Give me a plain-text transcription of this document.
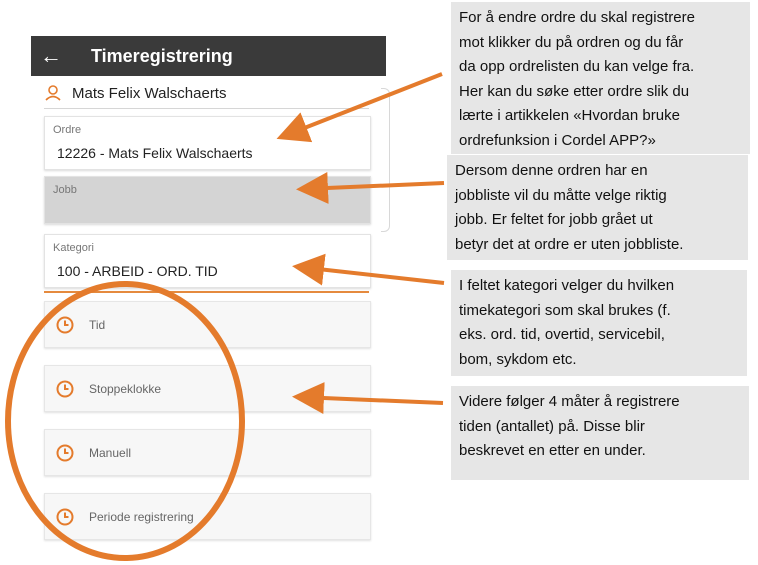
←	Timeregistrering
Mats Felix Walschaerts
Ordre
12226 - Mats Felix Walschaerts
Jobb
Kategori
100 - ARBEID - ORD. TID
Tid
Stoppeklokke
Manuell
Periode registrering
For å endre ordre du skal registrere
mot klikker du på ordren og du får
da opp ordrelisten du kan velge fra.
Her kan du søke etter ordre slik du
lærte i artikkelen «Hvordan bruke
ordrefunksion i Cordel APP?»
Dersom denne ordren har en
jobbliste vil du måtte velge riktig
jobb. Er feltet for jobb grået ut
betyr det at ordre er uten jobbliste.
I feltet kategori velger du hvilken
timekategori som skal brukes (f.
eks. ord. tid, overtid, servicebil,
bom, sykdom etc.
Videre følger 4 måter å registrere
tiden (antallet) på. Disse blir
beskrevet en etter en under.
